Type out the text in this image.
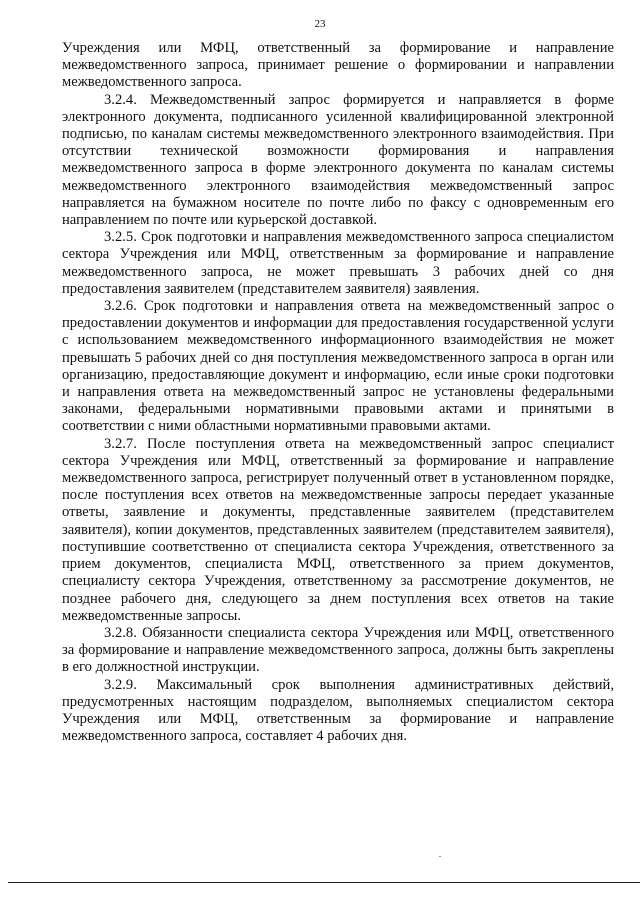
23

Учреждения или МФЦ, ответственный за формирование и направление межведомственного запроса, принимает решение о формировании и направлении межведомственного запроса.

3.2.4. Межведомственный запрос формируется и направляется в форме электронного документа, подписанного усиленной квалифицированной электронной подписью, по каналам системы межведомственного электронного взаимодействия. При отсутствии технической возможности формирования и направления межведомственного запроса в форме электронного документа по каналам системы межведомственного электронного взаимодействия межведомственный запрос направляется на бумажном носителе по почте либо по факсу с одновременным его направлением по почте или курьерской доставкой.

3.2.5. Срок подготовки и направления межведомственного запроса специалистом сектора Учреждения или МФЦ, ответственным за формирование и направление межведомственного запроса, не может превышать 3 рабочих дней со дня предоставления заявителем (представителем заявителя) заявления.

3.2.6. Срок подготовки и направления ответа на межведомственный запрос о предоставлении документов и информации для предоставления государственной услуги с использованием межведомственного информационного взаимодействия не может превышать 5 рабочих дней со дня поступления межведомственного запроса в орган или организацию, предоставляющие документ и информацию, если иные сроки подготовки и направления ответа на межведомственный запрос не установлены федеральными законами, федеральными нормативными правовыми актами и принятыми в соответствии с ними областными нормативными правовыми актами.

3.2.7. После поступления ответа на межведомственный запрос специалист сектора Учреждения или МФЦ, ответственный за формирование и направление межведомственного запроса, регистрирует полученный ответ в установленном порядке, после поступления всех ответов на межведомственные запросы передает указанные ответы, заявление и документы, представленные заявителем (представителем заявителя), копии документов, представленных заявителем (представителем заявителя), поступившие соответственно от специалиста сектора Учреждения, ответственного за прием документов, специалиста МФЦ, ответственного за прием документов, специалисту сектора Учреждения, ответственному за рассмотрение документов, не позднее рабочего дня, следующего за днем поступления всех ответов на такие межведомственные запросы.

3.2.8. Обязанности специалиста сектора Учреждения или МФЦ, ответственного за формирование и направление межведомственного запроса, должны быть закреплены в его должностной инструкции.

3.2.9. Максимальный срок выполнения административных действий, предусмотренных настоящим подразделом, выполняемых специалистом сектора Учреждения или МФЦ, ответственным за формирование и направление межведомственного запроса, составляет 4 рабочих дня.
